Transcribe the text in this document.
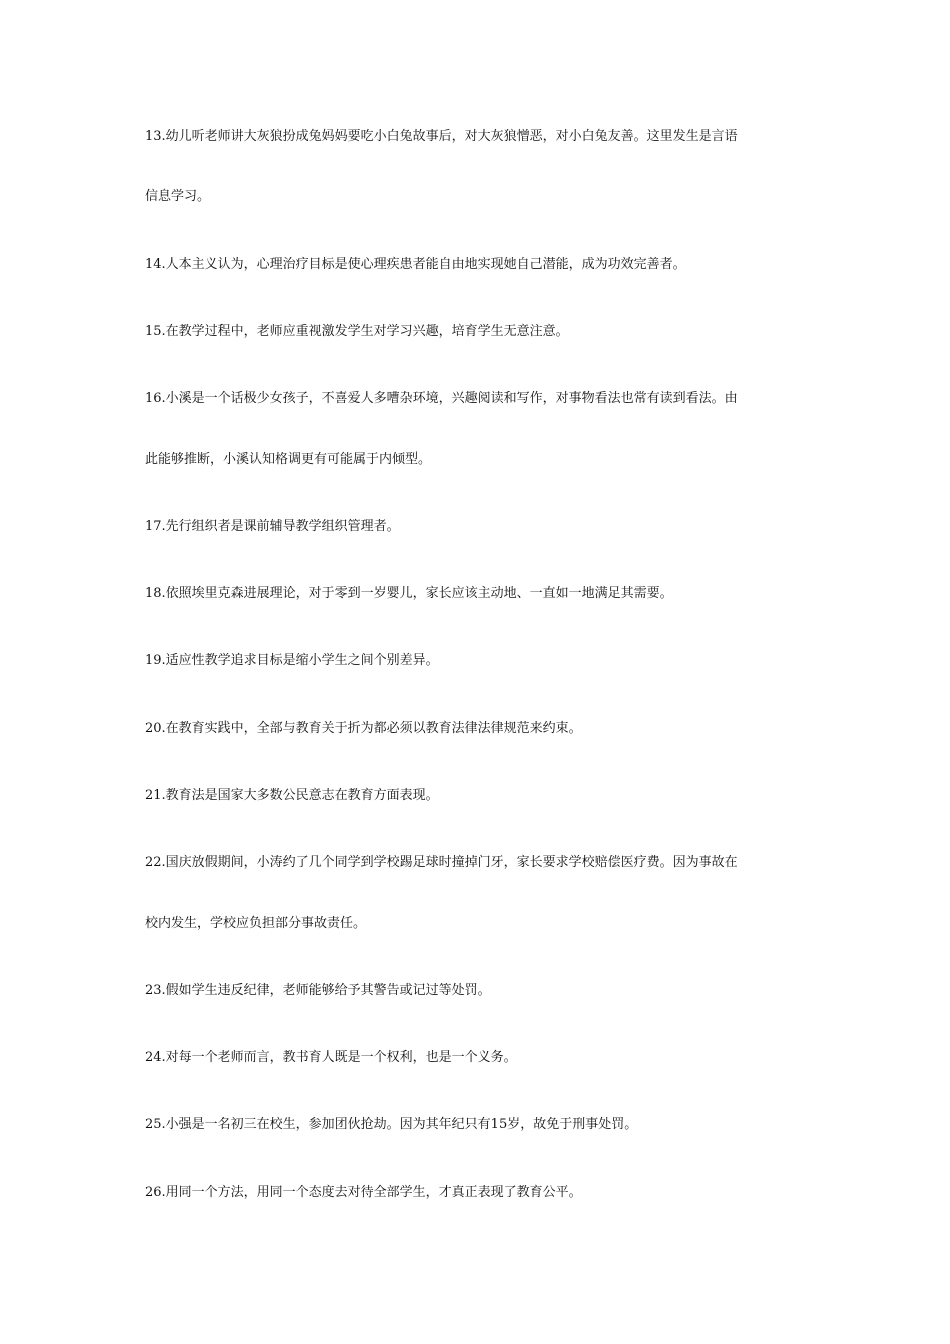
13.幼儿听老师讲大灰狼扮成兔妈妈要吃小白兔故事后，对大灰狼憎恶，对小白兔友善。这里发生是言语

信息学习。

14.人本主义认为，心理治疗目标是使心理疾患者能自由地实现她自己潜能，成为功效完善者。

15.在教学过程中，老师应重视激发学生对学习兴趣，培育学生无意注意。

16.小溪是一个话极少女孩子，不喜爱人多嘈杂环境，兴趣阅读和写作，对事物看法也常有读到看法。由

此能够推断，小溪认知格调更有可能属于内倾型。

17.先行组织者是课前辅导教学组织管理者。

18.依照埃里克森进展理论，对于零到一岁婴儿，家长应该主动地、一直如一地满足其需要。

19.适应性教学追求目标是缩小学生之间个别差异。

20.在教育实践中，全部与教育关于折为都必须以教育法律法律规范来约束。

21.教育法是国家大多数公民意志在教育方面表现。

22.国庆放假期间，小涛约了几个同学到学校踢足球时撞掉门牙，家长要求学校赔偿医疗费。因为事故在

校内发生，学校应负担部分事故责任。

23.假如学生违反纪律，老师能够给予其警告或记过等处罚。

24.对每一个老师而言，教书育人既是一个权利，也是一个义务。

25.小强是一名初三在校生，参加团伙抢劫。因为其年纪只有15岁，故免于刑事处罚。

26.用同一个方法，用同一个态度去对待全部学生，才真正表现了教育公平。
